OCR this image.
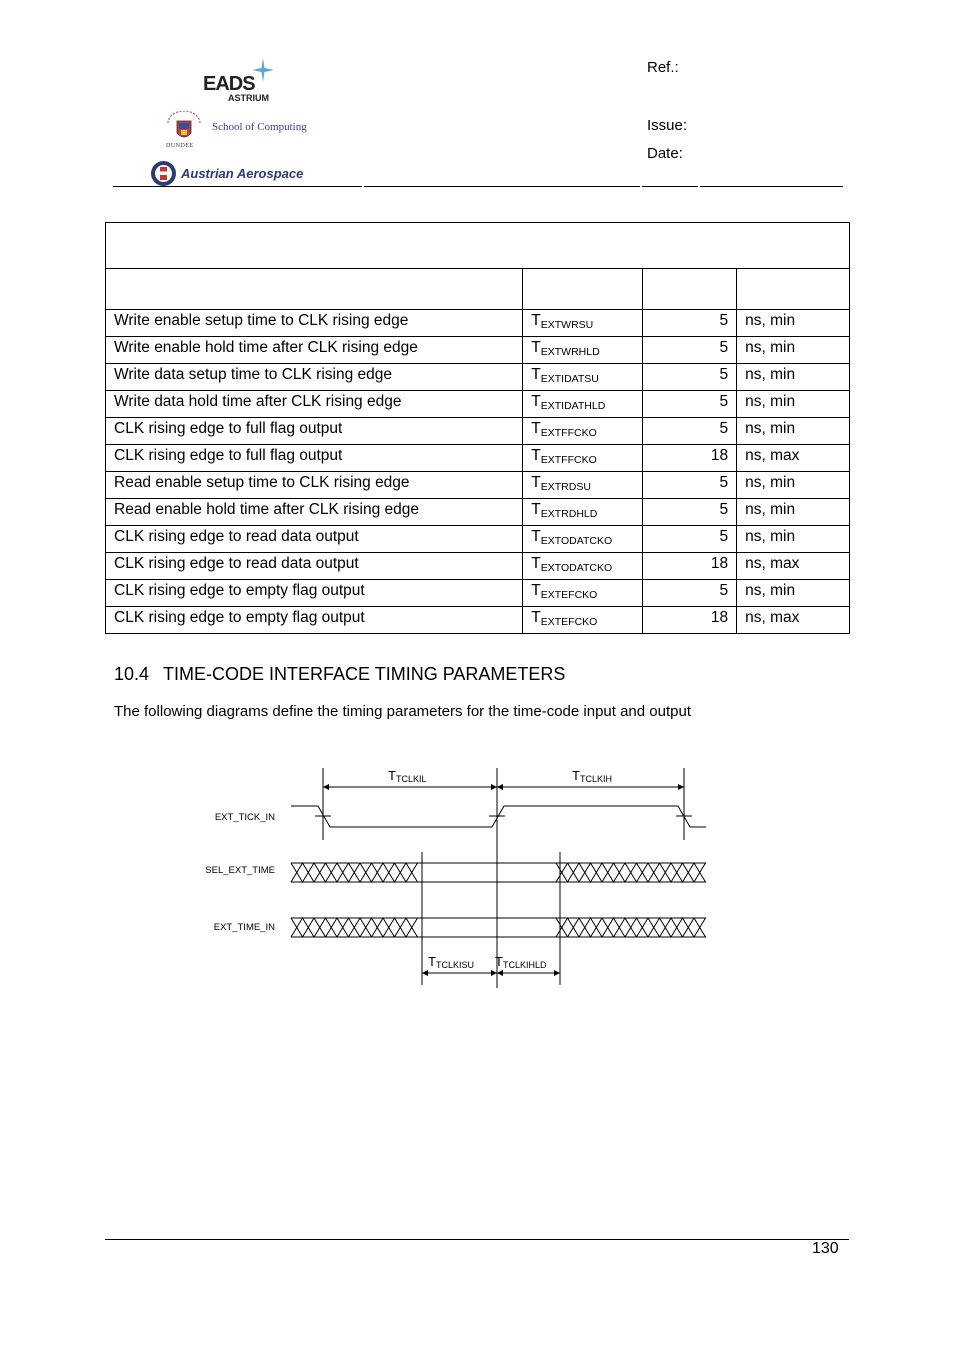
EADS
ASTRIUM
School of Computing
DUNDEE
Austrian Aerospace
Ref.:
Issue:
Date:

Write enable setup time to CLK rising edge	$T_{EXTWRSU}$	5	ns, min
Write enable hold time after CLK rising edge	$T_{EXTWRHLD}$	5	ns, min
Write data setup time to CLK rising edge	$T_{EXTIDATSU}$	5	ns, min
Write data hold time after CLK rising edge	$T_{EXTIDATHLD}$	5	ns, min
CLK rising edge to full flag output	$T_{EXTFFCKO}$	5	ns, min
CLK rising edge to full flag output	$T_{EXTFFCKO}$	18	ns, max
Read enable setup time to CLK rising edge	$T_{EXTRDSU}$	5	ns, min
Read enable hold time after CLK rising edge	$T_{EXTRDHLD}$	5	ns, min
CLK rising edge to read data output	$T_{EXTODATCKO}$	5	ns, min
CLK rising edge to read data output	$T_{EXTODATCKO}$	18	ns, max
CLK rising edge to empty flag output	$T_{EXTEFCKO}$	5	ns, min
CLK rising edge to empty flag output	$T_{EXTEFCKO}$	18	ns, max
10.4 TIME-CODE INTERFACE TIMING PARAMETERS
The following diagrams define the timing parameters for the time-code input and output
EXT_TICK_IN
SEL_EXT_TIME
EXT_TIME_IN
TTCLKIL	TTCLKIH
TTCLKISU TTCLKIHLD
130
